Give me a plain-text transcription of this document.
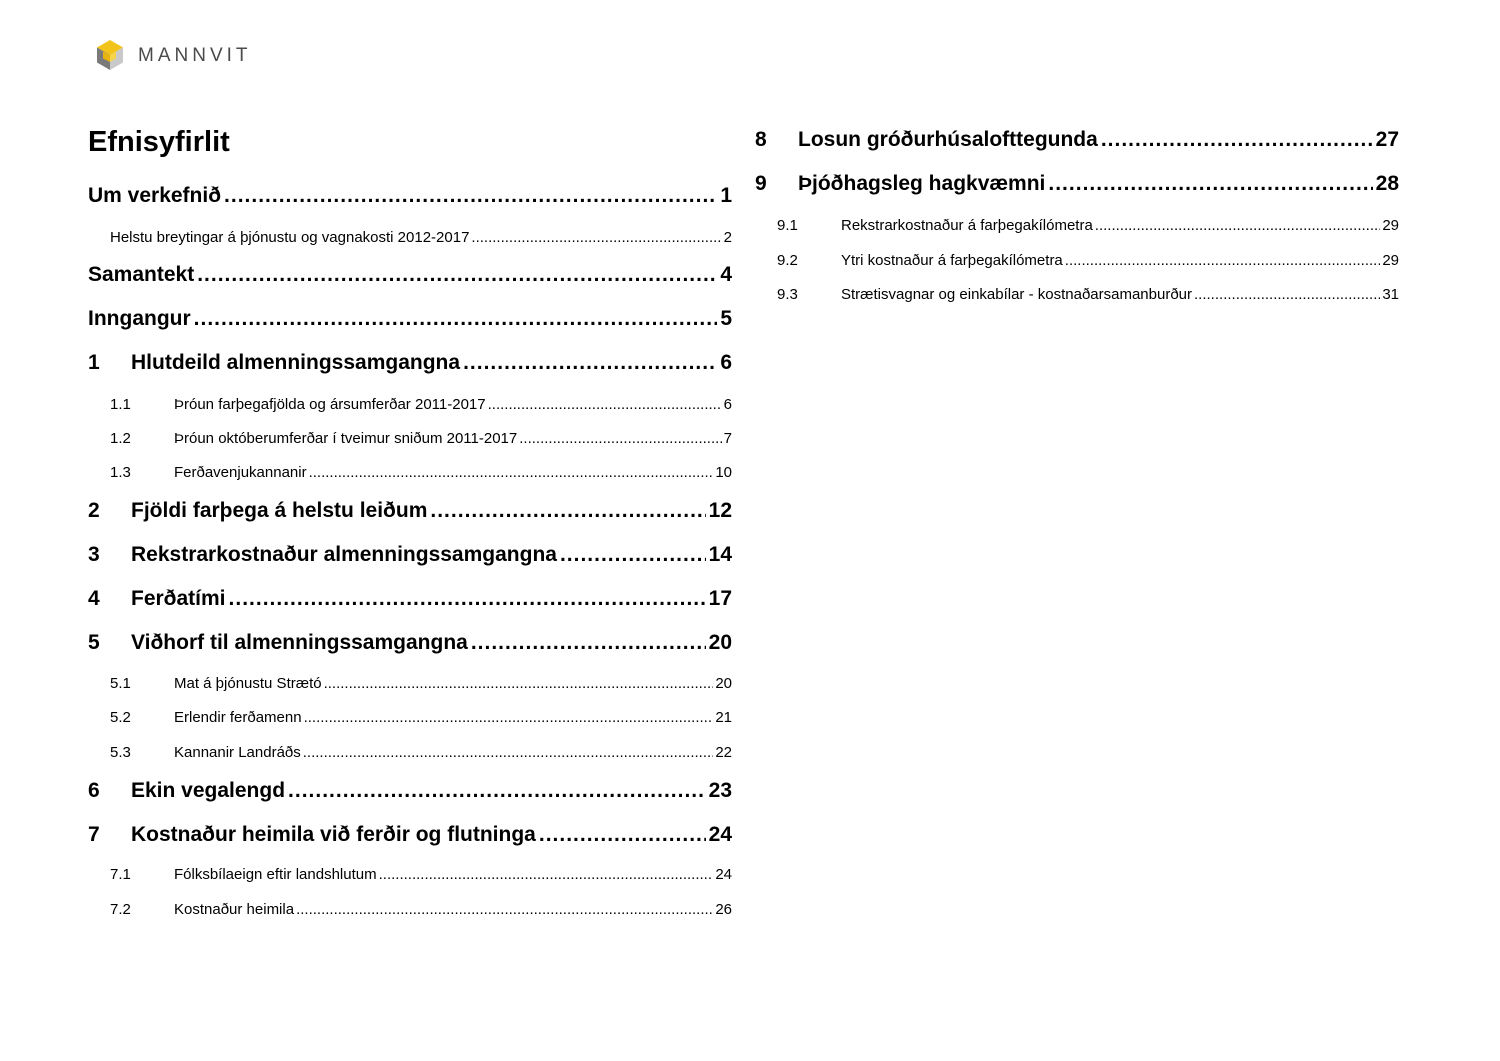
MANNVIT
Efnisyfirlit
Um verkefnið .....	1
Helstu breytingar á þjónustu og vagnakosti 2012-2017 .....	2
Samantekt .....	4
Inngangur .....	5
1	Hlutdeild almenningssamgangna .....	6
1.1	Þróun farþegafjölda og ársumferðar 2011-2017 .....	6
1.2	Þróun októberumferðar í tveimur sniðum 2011-2017 .....	7
1.3	Ferðavenjukannanir .....	10
2	Fjöldi farþega á helstu leiðum .....	12
3	Rekstrarkostnaður almenningssamgangna .....	14
4	Ferðatími .....	17
5	Viðhorf til almenningssamgangna .....	20
5.1	Mat á þjónustu Strætó .....	20
5.2	Erlendir ferðamenn .....	21
5.3	Kannanir Landráðs .....	22
6	Ekin vegalengd .....	23
7	Kostnaður heimila við ferðir og flutninga .....	24
7.1	Fólksbílaeign eftir landshlutum .....	24
7.2	Kostnaður heimila .....	26
8	Losun gróðurhúsalofttegunda .....	27
9	Þjóðhagsleg hagkvæmni .....	28
9.1	Rekstrarkostnaður á farþegakílómetra .....	29
9.2	Ytri kostnaður á farþegakílómetra .....	29
9.3	Strætisvagnar og einkabílar - kostnaðarsamanburður .....	31
